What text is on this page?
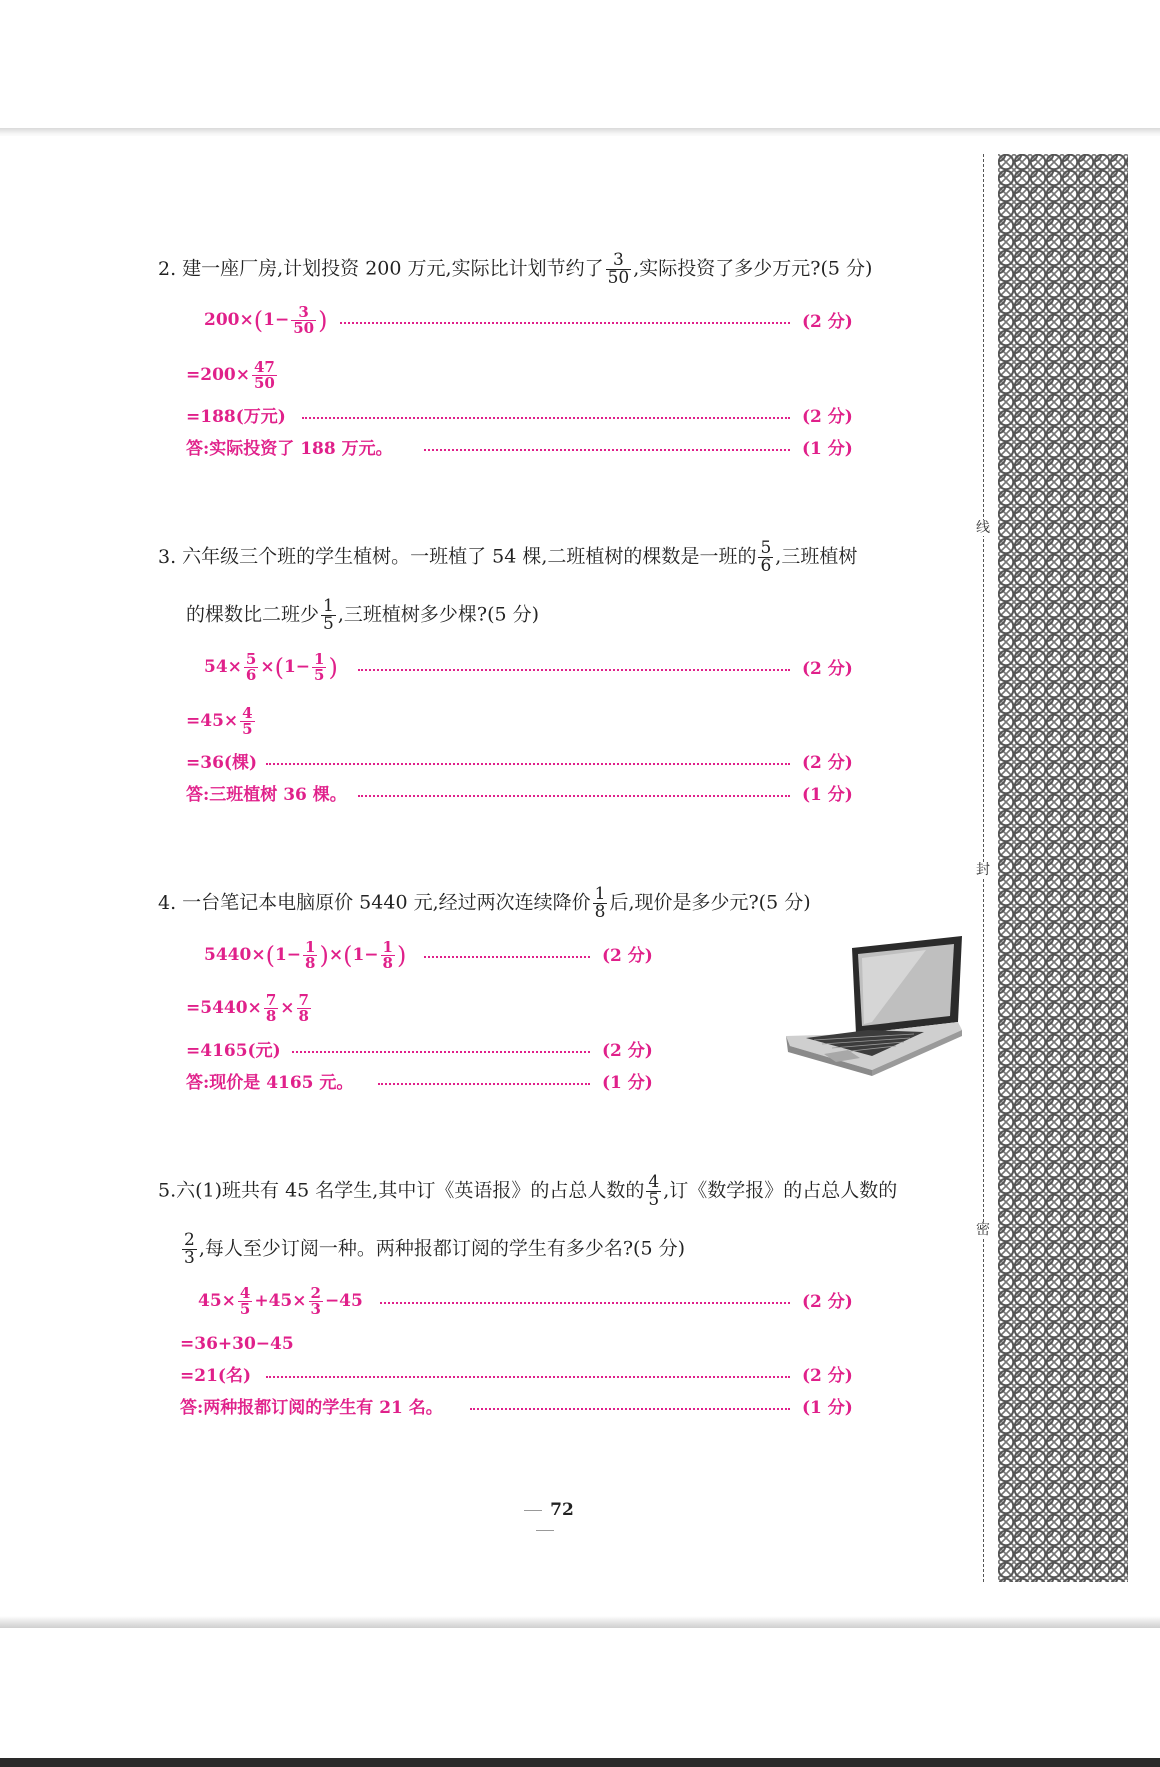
2. 建一座厂房,计划投资 200 万元,实际比计划节约了 $\frac{3}{50}$ ,实际投资了多少万元?(5 分)
$200\times(1- \frac{3}{50}$ )	(2 分)
$=200\times \frac{47}{50}$
=188(万元)	(2 分)
答:实际投资了 188 万元。	(1 分)
3. 六年级三个班的学生植树。一班植了 54 棵,二班植树的棵数是一班的 $\frac{5}{6}$ ,三班植树
的棵数比二班少 $\frac{1}{5}$ ,三班植树多少棵?(5 分)
$54\times \frac{5}{6} \times(1- \frac{1}{5}$ )	(2 分)
$=45\times \frac{4}{5}$
=36(棵)	(2 分)
答:三班植树 36 棵。	(1 分)
4. 一台笔记本电脑原价 5440 元,经过两次连续降价 $\frac{1}{8}$ 后,现价是多少元?(5 分)
$5440\times(1- \frac{1}{8} )\times(1- \frac{1}{8}$ )	(2 分)
$=5440\times \frac{7}{8} \times \frac{7}{8}$
=4165(元)	(2 分)
答:现价是 4165 元。	(1 分)
5.六(1)班共有 45 名学生,其中订《英语报》的占总人数的 $\frac{4}{5}$ ,订《数学报》的占总人数的
$\frac{2}{3}$ ,每人至少订阅一种。两种报都订阅的学生有多少名?(5 分)
$45\times \frac{4}{5} +45\times \frac{2}{3} -45$	(2 分)
=36+30−45
=21(名)	(2 分)
答:两种报都订阅的学生有 21 名。	(1 分)
72
线
封
密
